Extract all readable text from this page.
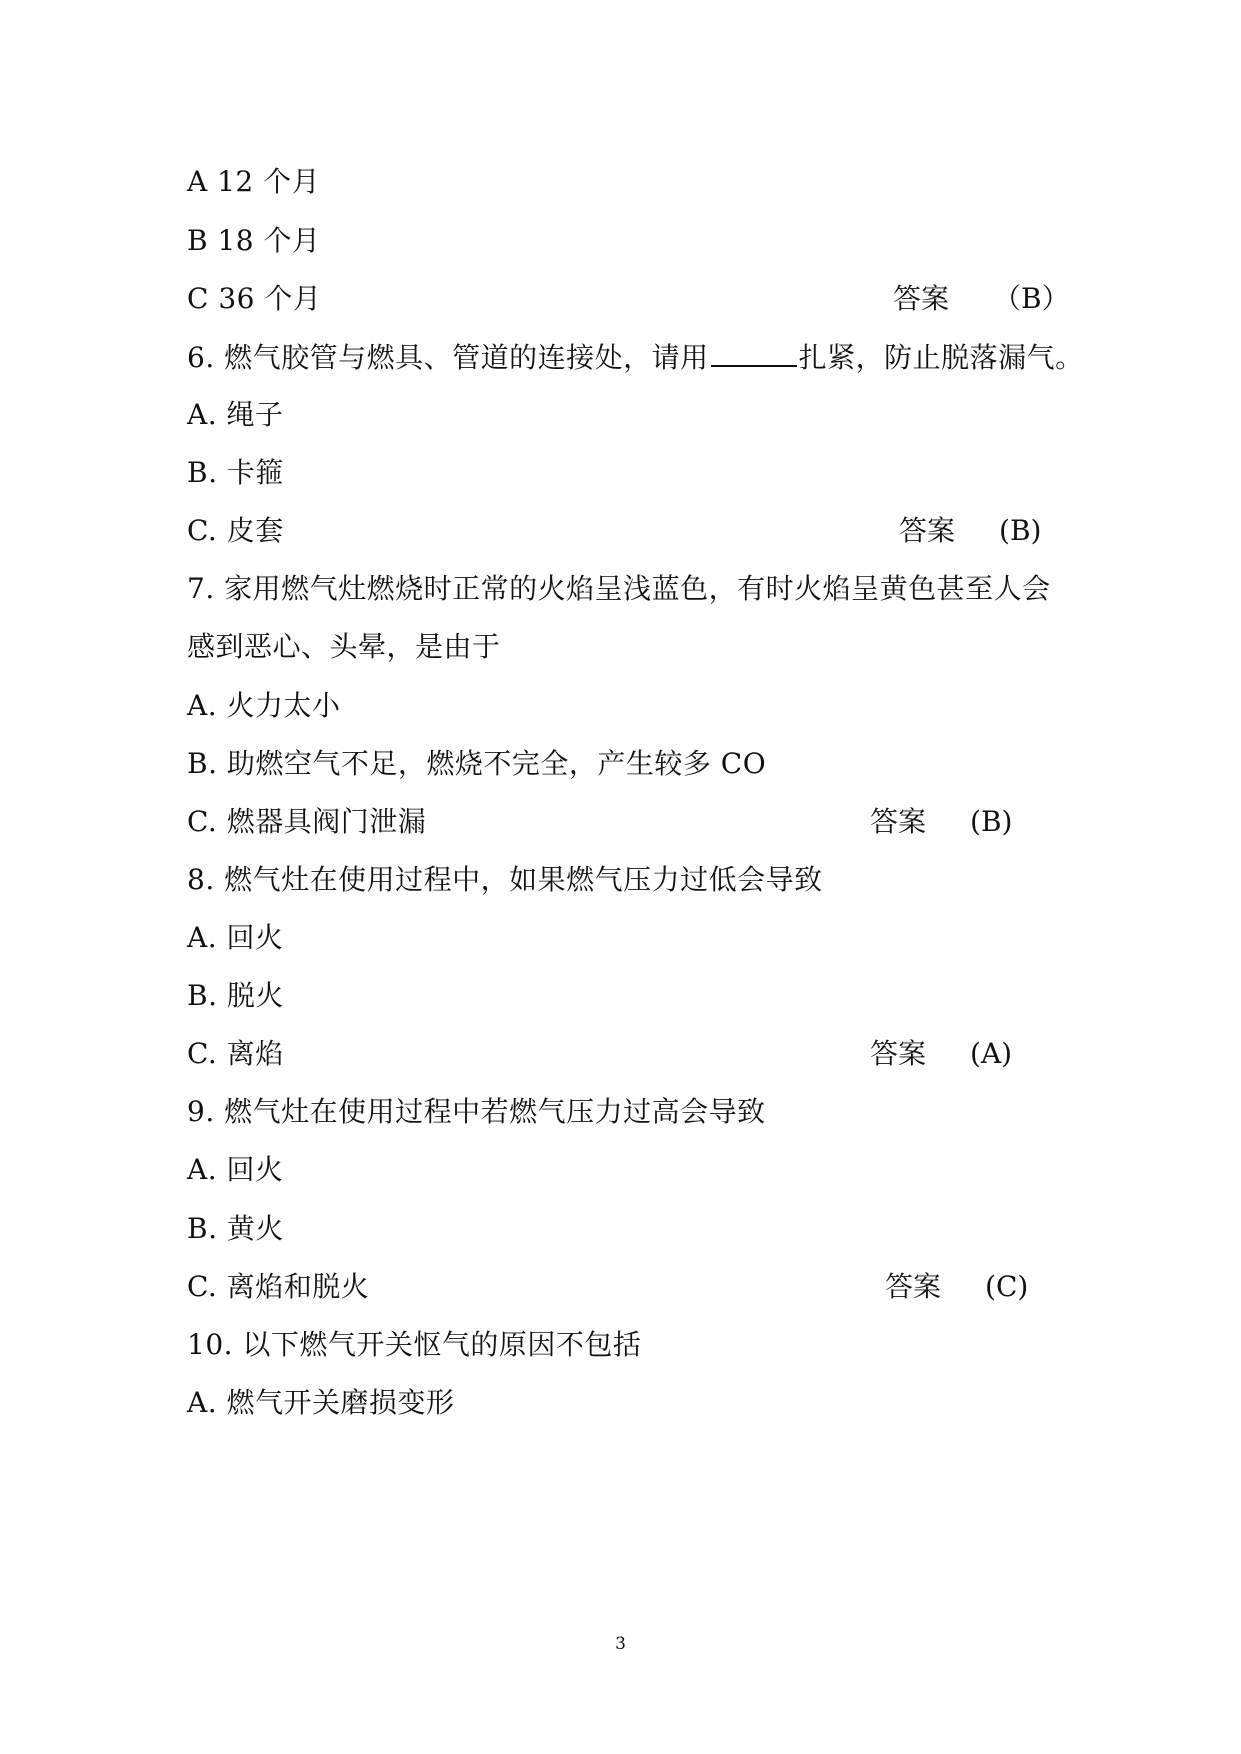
A 12 个月
B 18 个月
C 36 个月	答案 （B）
6. 燃气胶管与燃具、管道的连接处，请用	扎紧，防止脱落漏气。
A. 绳子
B. 卡箍
C. 皮套	答案 (B)
7. 家用燃气灶燃烧时正常的火焰呈浅蓝色，有时火焰呈黄色甚至人会
感到恶心、头晕，是由于
A. 火力太小
B. 助燃空气不足，燃烧不完全，产生较多 CO
C. 燃器具阀门泄漏	答案 (B)
8. 燃气灶在使用过程中，如果燃气压力过低会导致
A. 回火
B. 脱火
C. 离焰	答案 (A)
9. 燃气灶在使用过程中若燃气压力过高会导致
A. 回火
B. 黄火
C. 离焰和脱火	答案 (C)
10. 以下燃气开关怄气的原因不包括
A. 燃气开关磨损变形
3
